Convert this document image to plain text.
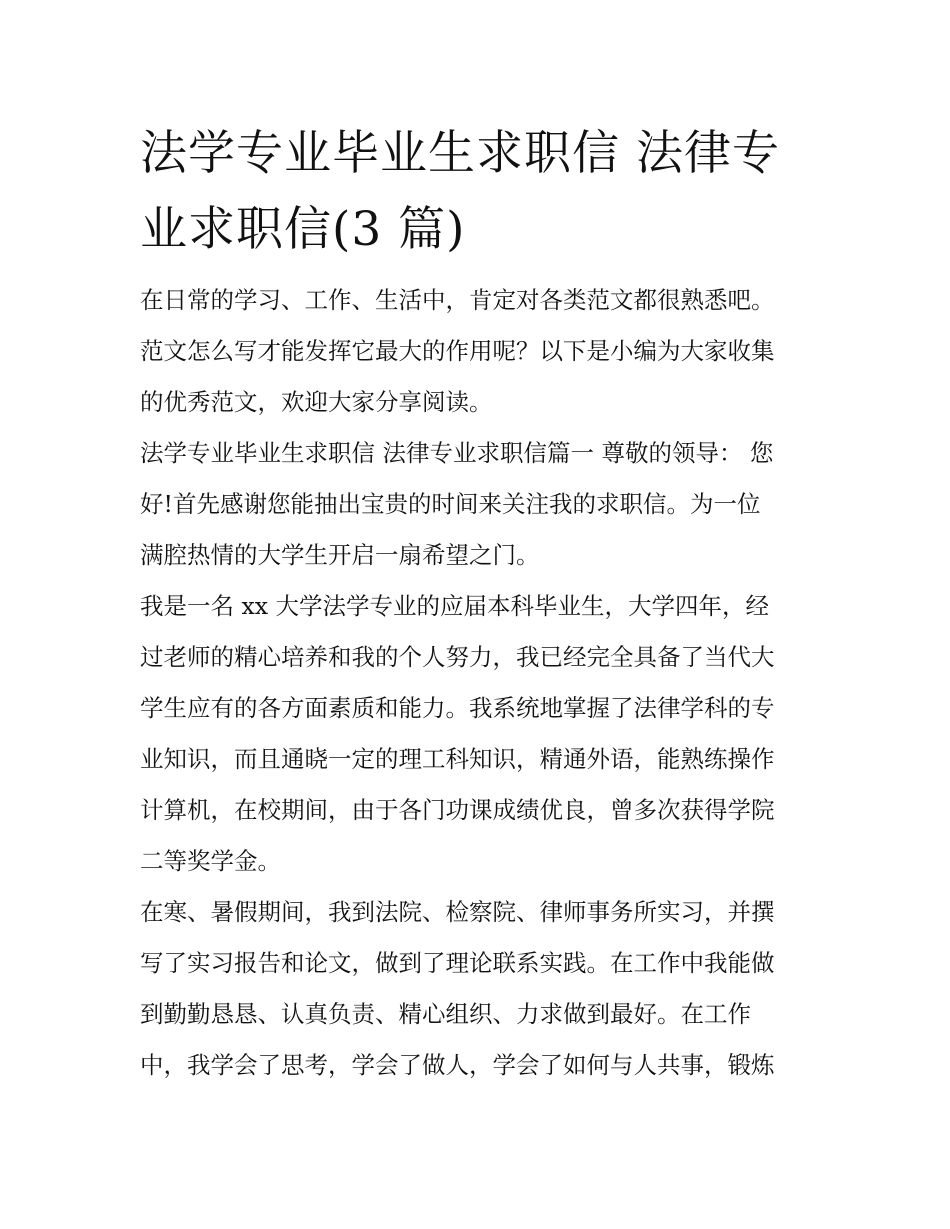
法学专业毕业生求职信 法律专
业求职信(3 篇)
在日常的学习、工作、生活中，肯定对各类范文都很熟悉吧。
范文怎么写才能发挥它最大的作用呢？以下是小编为大家收集
的优秀范文，欢迎大家分享阅读。
法学专业毕业生求职信 法律专业求职信篇一 尊敬的领导： 您
好!首先感谢您能抽出宝贵的时间来关注我的求职信。为一位
满腔热情的大学生开启一扇希望之门。
我是一名 xx 大学法学专业的应届本科毕业生，大学四年，经
过老师的精心培养和我的个人努力，我已经完全具备了当代大
学生应有的各方面素质和能力。我系统地掌握了法律学科的专
业知识，而且通晓一定的理工科知识，精通外语，能熟练操作
计算机，在校期间，由于各门功课成绩优良，曾多次获得学院
二等奖学金。
在寒、暑假期间，我到法院、检察院、律师事务所实习，并撰
写了实习报告和论文，做到了理论联系实践。在工作中我能做
到勤勤恳恳、认真负责、精心组织、力求做到最好。在工作
中，我学会了思考，学会了做人，学会了如何与人共事，锻炼
